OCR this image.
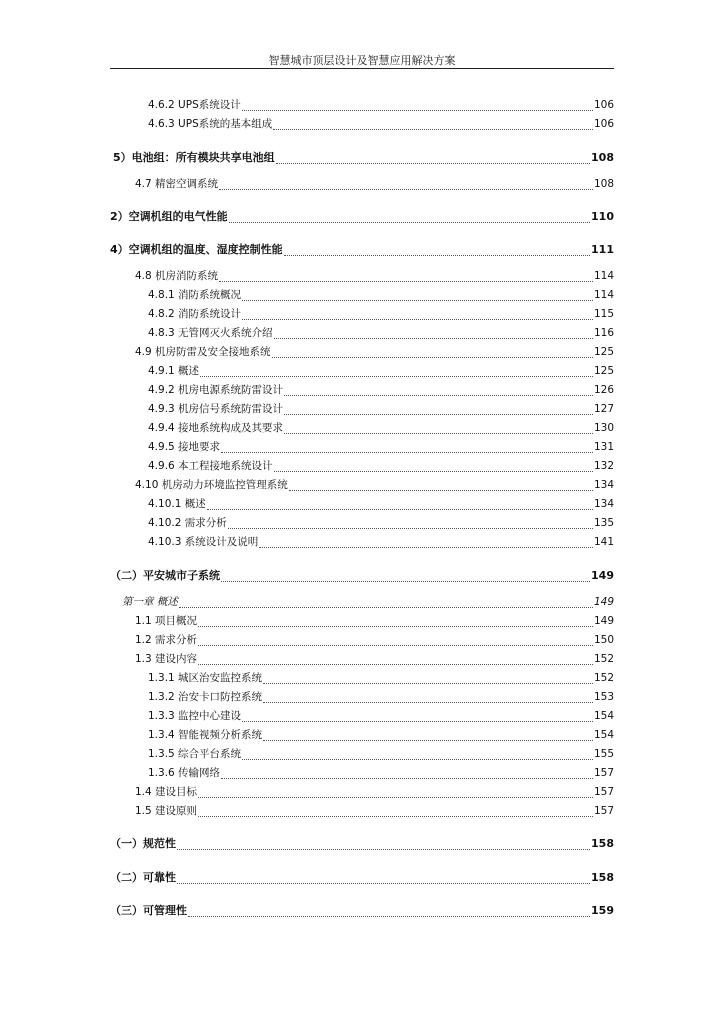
智慧城市顶层设计及智慧应用解决方案
4.6.2 UPS系统设计	106
4.6.3 UPS系统的基本组成	106
5）电池组：所有模块共享电池组	108
4.7 精密空调系统	108
2）空调机组的电气性能	110
4）空调机组的温度、湿度控制性能	111
4.8 机房消防系统	114
4.8.1 消防系统概况	114
4.8.2 消防系统设计	115
4.8.3 无管网灭火系统介绍	116
4.9 机房防雷及安全接地系统	125
4.9.1 概述	125
4.9.2 机房电源系统防雷设计	126
4.9.3 机房信号系统防雷设计	127
4.9.4 接地系统构成及其要求	130
4.9.5 接地要求	131
4.9.6 本工程接地系统设计	132
4.10 机房动力环境监控管理系统	134
4.10.1 概述	134
4.10.2 需求分析	135
4.10.3 系统设计及说明	141
（二）平安城市子系统	149
第一章 概述	149
1.1 项目概况	149
1.2 需求分析	150
1.3 建设内容	152
1.3.1 城区治安监控系统	152
1.3.2 治安卡口防控系统	153
1.3.3 监控中心建设	154
1.3.4 智能视频分析系统	154
1.3.5 综合平台系统	155
1.3.6 传输网络	157
1.4 建设目标	157
1.5 建设原则	157
（一）规范性	158
（二）可靠性	158
（三）可管理性	159
